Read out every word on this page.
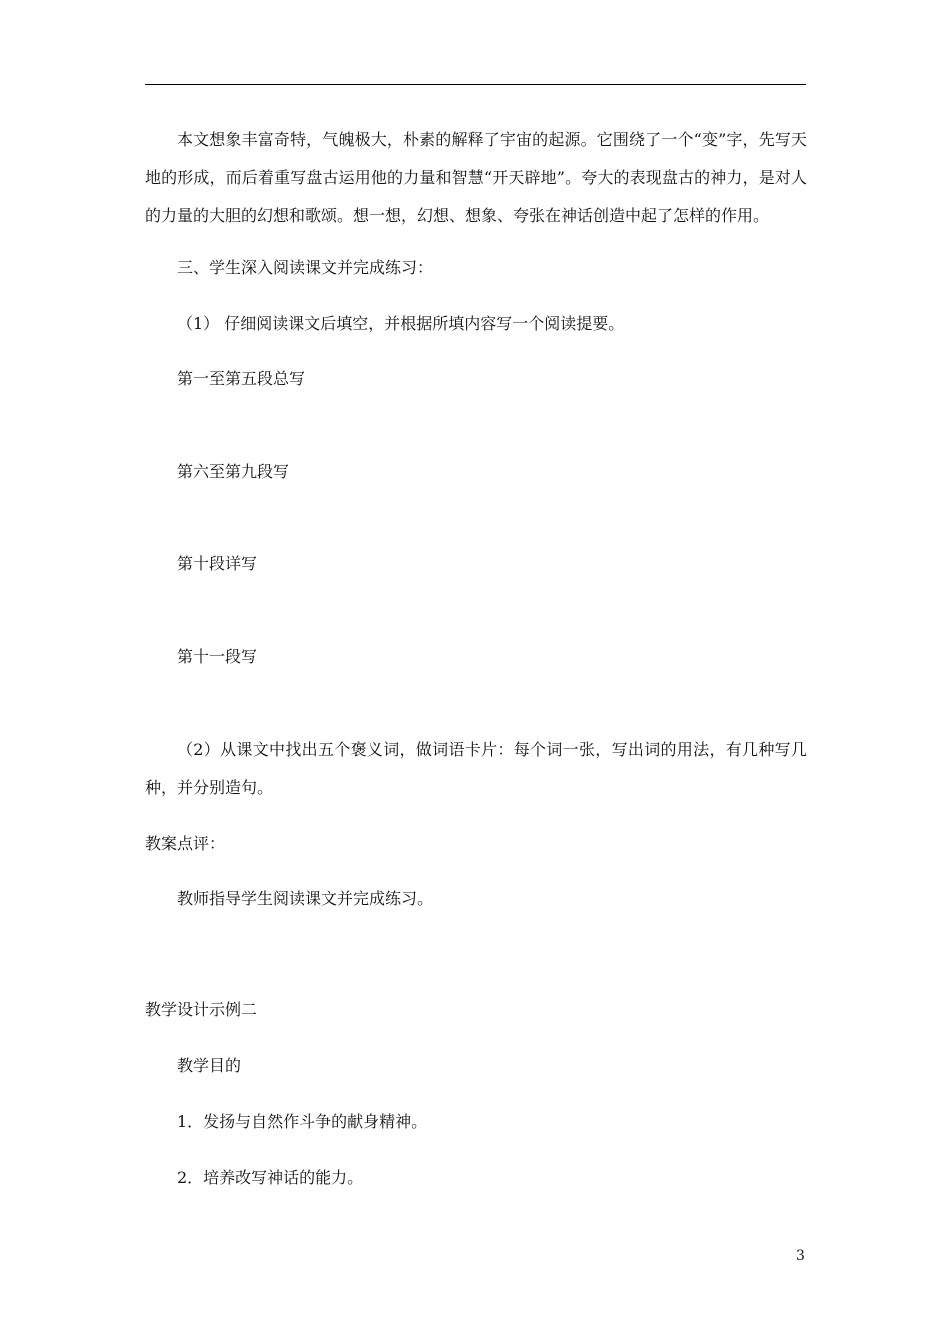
本文想象丰富奇特，气魄极大，朴素的解释了宇宙的起源。它围绕了一个“变”字，先写天地的形成，而后着重写盘古运用他的力量和智慧“开天辟地”。夸大的表现盘古的神力，是对人的力量的大胆的幻想和歌颂。想一想，幻想、想象、夸张在神话创造中起了怎样的作用。
三、学生深入阅读课文并完成练习：
（1） 仔细阅读课文后填空，并根据所填内容写一个阅读提要。
第一至第五段总写
第六至第九段写
第十段详写
第十一段写
（2）从课文中找出五个褒义词，做词语卡片：每个词一张，写出词的用法，有几种写几种，并分别造句。
教案点评：
教师指导学生阅读课文并完成练习。
教学设计示例二
教学目的
1．发扬与自然作斗争的献身精神。
2．培养改写神话的能力。
3
